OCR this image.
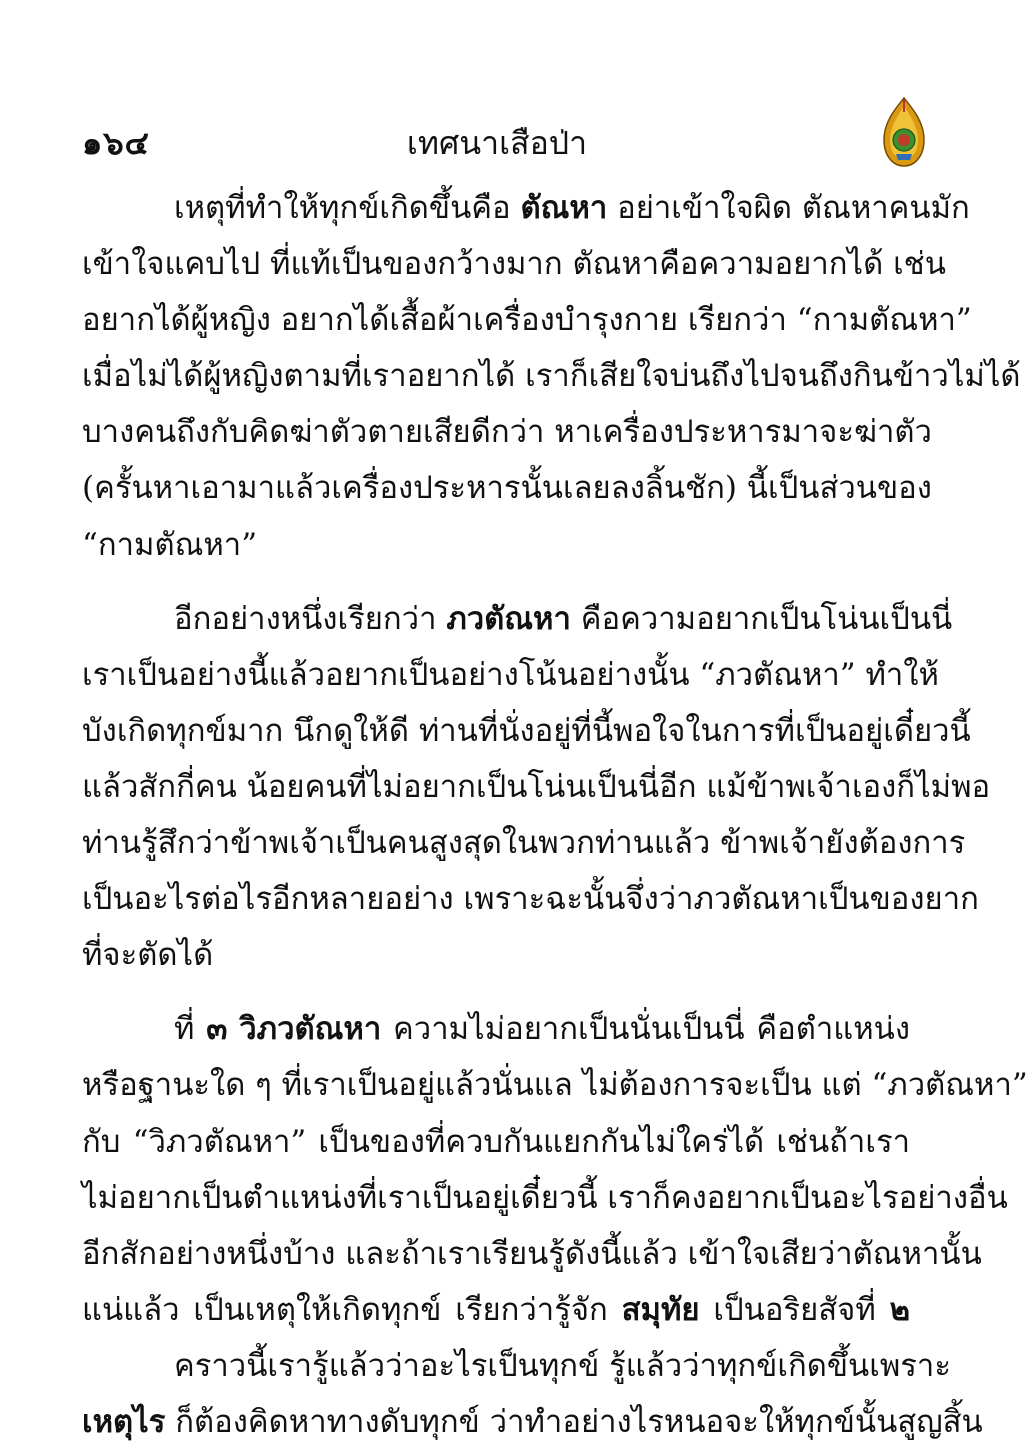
๑๖๔	เทศนาเสือป่า
เหตุที่ทำให้ทุกข์เกิดขึ้นคือ ตัณหา อย่าเข้าใจผิด ตัณหาคนมัก
เข้าใจแคบไป ที่แท้เป็นของกว้างมาก ตัณหาคือความอยากได้ เช่น
อยากได้ผู้หญิง อยากได้เสื้อผ้าเครื่องบำรุงกาย เรียกว่า “กามตัณหา”
เมื่อไม่ได้ผู้หญิงตามที่เราอยากได้ เราก็เสียใจบ่นถึงไปจนถึงกินข้าวไม่ได้
บางคนถึงกับคิดฆ่าตัวตายเสียดีกว่า หาเครื่องประหารมาจะฆ่าตัว
(ครั้นหาเอามาแล้วเครื่องประหารนั้นเลยลงลิ้นชัก) นี้เป็นส่วนของ
“กามตัณหา”
อีกอย่างหนึ่งเรียกว่า ภวตัณหา คือความอยากเป็นโน่นเป็นนี่
เราเป็นอย่างนี้แล้วอยากเป็นอย่างโน้นอย่างนั้น “ภวตัณหา” ทำให้
บังเกิดทุกข์มาก นึกดูให้ดี ท่านที่นั่งอยู่ที่นี้พอใจในการที่เป็นอยู่เดี๋ยวนี้
แล้วสักกี่คน น้อยคนที่ไม่อยากเป็นโน่นเป็นนี่อีก แม้ข้าพเจ้าเองก็ไม่พอ
ท่านรู้สึกว่าข้าพเจ้าเป็นคนสูงสุดในพวกท่านแล้ว ข้าพเจ้ายังต้องการ
เป็นอะไรต่อไรอีกหลายอย่าง เพราะฉะนั้นจึ่งว่าภวตัณหาเป็นของยาก
ที่จะตัดได้
ที่ ๓ วิภวตัณหา ความไม่อยากเป็นนั่นเป็นนี่ คือตำแหน่ง
หรือฐานะใด ๆ ที่เราเป็นอยู่แล้วนั่นแล ไม่ต้องการจะเป็น แต่ “ภวตัณหา”
กับ “วิภวตัณหา” เป็นของที่ควบกันแยกกันไม่ใคร่ได้ เช่นถ้าเรา
ไม่อยากเป็นตำแหน่งที่เราเป็นอยู่เดี๋ยวนี้ เราก็คงอยากเป็นอะไรอย่างอื่น
อีกสักอย่างหนึ่งบ้าง และถ้าเราเรียนรู้ดังนี้แล้ว เข้าใจเสียว่าตัณหานั้น
แน่แล้ว เป็นเหตุให้เกิดทุกข์ เรียกว่ารู้จัก สมุทัย เป็นอริยสัจที่ ๒
คราวนี้เรารู้แล้วว่าอะไรเป็นทุกข์ รู้แล้วว่าทุกข์เกิดขึ้นเพราะ
เหตุไร ก็ต้องคิดหาทางดับทุกข์ ว่าทำอย่างไรหนอจะให้ทุกข์นั้นสูญสิ้น
